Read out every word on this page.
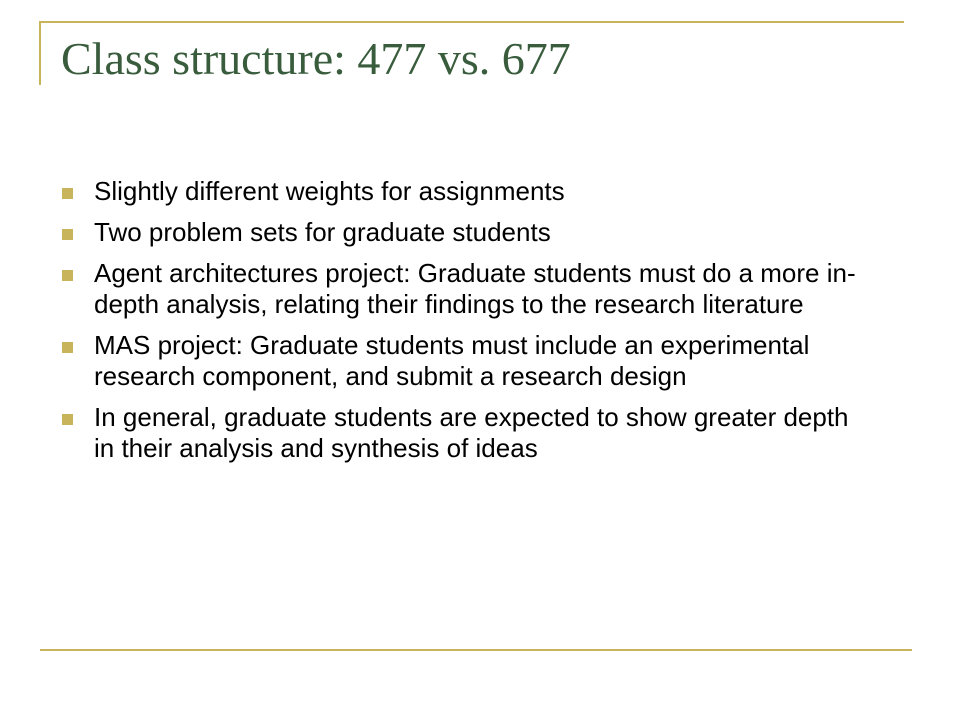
Class structure: 477 vs. 677
Slightly different weights for assignments
Two problem sets for graduate students
Agent architectures project: Graduate students must do a more in-depth analysis, relating their findings to the research literature
MAS project: Graduate students must include an experimental research component, and submit a research design
In general, graduate students are expected to show greater depth in their analysis and synthesis of ideas
